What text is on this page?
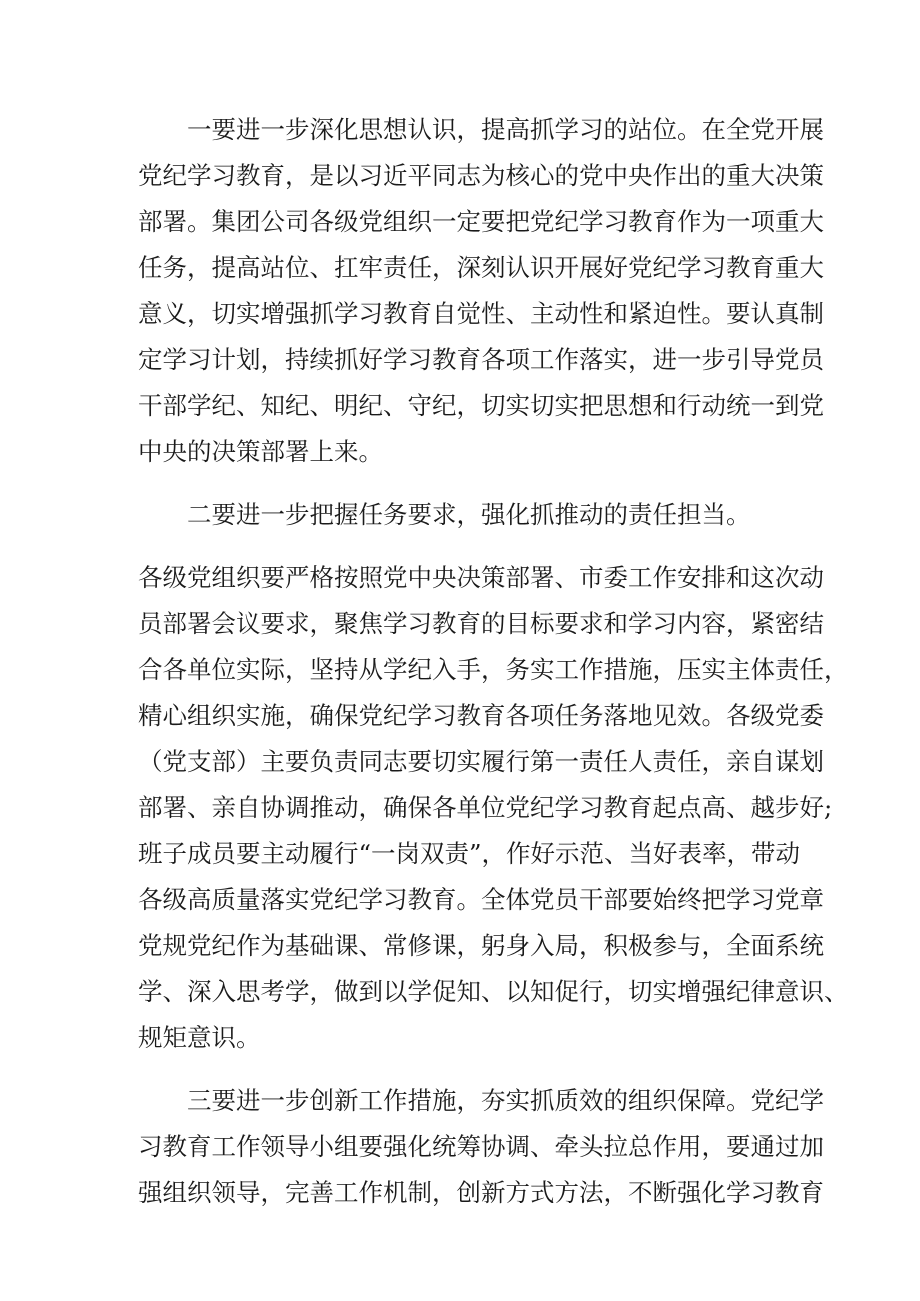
一要进一步深化思想认识，提高抓学习的站位。在全党开展
党纪学习教育，是以习近平同志为核心的党中央作出的重大决策
部署。集团公司各级党组织一定要把党纪学习教育作为一项重大
任务，提高站位、扛牢责任，深刻认识开展好党纪学习教育重大
意义，切实增强抓学习教育自觉性、主动性和紧迫性。要认真制
定学习计划，持续抓好学习教育各项工作落实，进一步引导党员
干部学纪、知纪、明纪、守纪，切实切实把思想和行动统一到党
中央的决策部署上来。
二要进一步把握任务要求，强化抓推动的责任担当。
各级党组织要严格按照党中央决策部署、市委工作安排和这次动
员部署会议要求，聚焦学习教育的目标要求和学习内容，紧密结
合各单位实际，坚持从学纪入手，务实工作措施，压实主体责任，
精心组织实施，确保党纪学习教育各项任务落地见效。各级党委
（党支部）主要负责同志要切实履行第一责任人责任，亲自谋划
部署、亲自协调推动，确保各单位党纪学习教育起点高、越步好;
班子成员要主动履行“一岗双责”，作好示范、当好表率，带动
各级高质量落实党纪学习教育。全体党员干部要始终把学习党章
党规党纪作为基础课、常修课，躬身入局，积极参与，全面系统
学、深入思考学，做到以学促知、以知促行，切实增强纪律意识、
规矩意识。
三要进一步创新工作措施，夯实抓质效的组织保障。党纪学
习教育工作领导小组要强化统筹协调、牵头拉总作用，要通过加
强组织领导，完善工作机制，创新方式方法，不断强化学习教育
